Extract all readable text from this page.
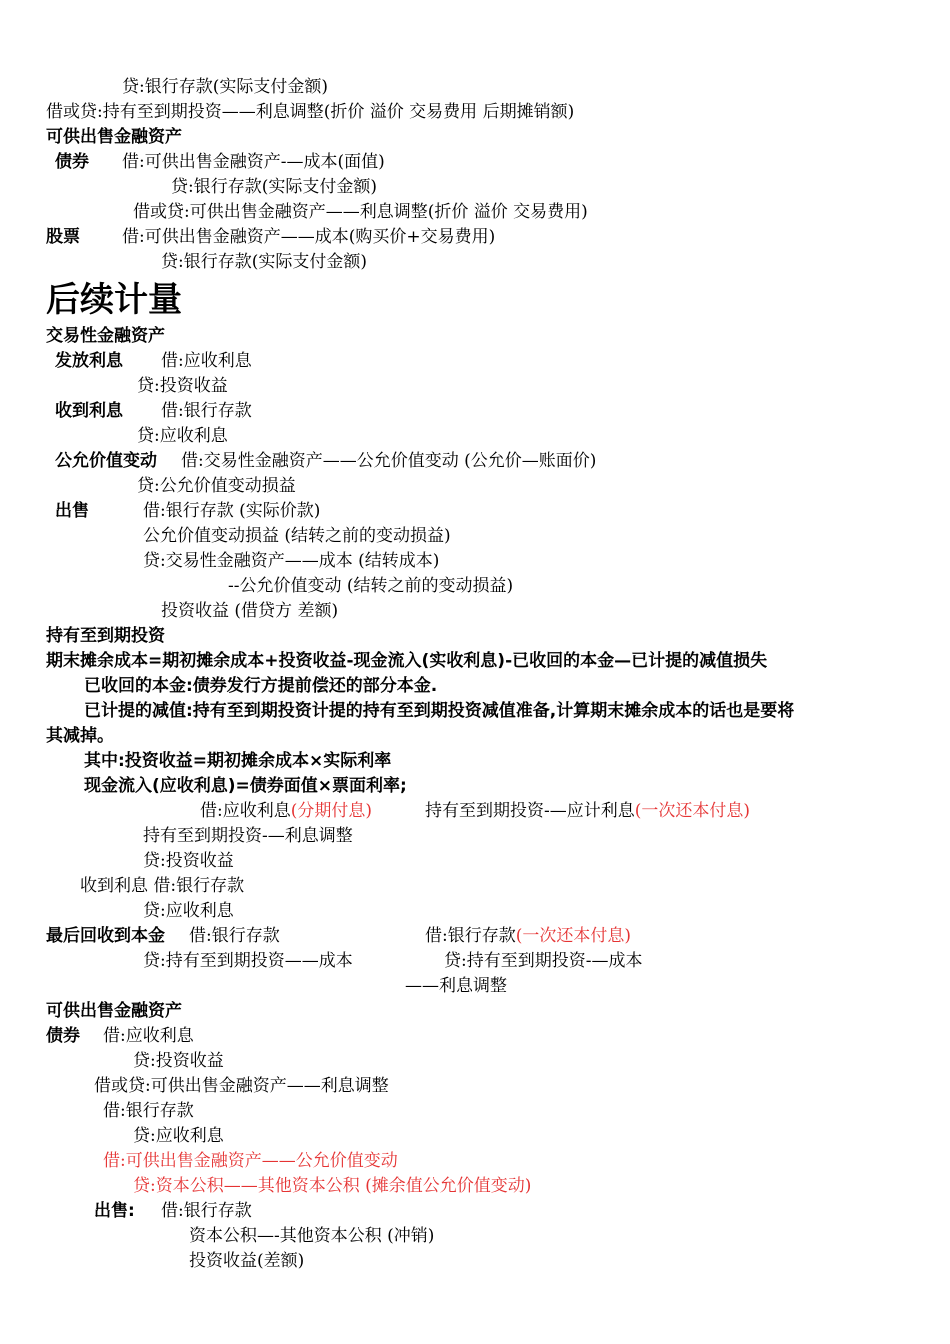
贷:银行存款(实际支付金额)
借或贷:持有至到期投资——利息调整(折价 溢价 交易费用 后期摊销额)
可供出售金融资产
债券 借:可供出售金融资产-—成本(面值)
贷:银行存款(实际支付金额)
借或贷:可供出售金融资产——利息调整(折价 溢价 交易费用)
股票 借:可供出售金融资产——成本(购买价+交易费用)
贷:银行存款(实际支付金额)
后续计量
交易性金融资产
发放利息 借:应收利息
贷:投资收益
收到利息 借:银行存款
贷:应收利息
公允价值变动 借:交易性金融资产——公允价值变动 (公允价—账面价)
贷:公允价值变动损益
出售	借:银行存款 (实际价款)
公允价值变动损益 (结转之前的变动损益)
贷:交易性金融资产——成本 (结转成本)
--公允价值变动 (结转之前的变动损益)
投资收益 (借贷方 差额)
持有至到期投资
期末摊余成本=期初摊余成本+投资收益-现金流入(实收利息)-已收回的本金—已计提的减值损失
已收回的本金:债券发行方提前偿还的部分本金.
已计提的减值:持有至到期投资计提的持有至到期投资减值准备,计算期末摊余成本的话也是要将
其减掉。
其中:投资收益=期初摊余成本×实际利率
现金流入(应收利息)=债券面值×票面利率;
借:应收利息(分期付息)	持有至到期投资-—应计利息(一次还本付息)
持有至到期投资-—利息调整
贷:投资收益
收到利息 借:银行存款
贷:应收利息
最后回收到本金 借:银行存款	借:银行存款(一次还本付息)
贷:持有至到期投资——成本	贷:持有至到期投资-—成本
——利息调整
可供出售金融资产
债券 借:应收利息
贷:投资收益
借或贷:可供出售金融资产——利息调整
借:银行存款
贷:应收利息
借:可供出售金融资产——公允价值变动
贷:资本公积——其他资本公积 (摊余值公允价值变动)
出售: 借:银行存款
资本公积—-其他资本公积 (冲销)
投资收益(差额)
